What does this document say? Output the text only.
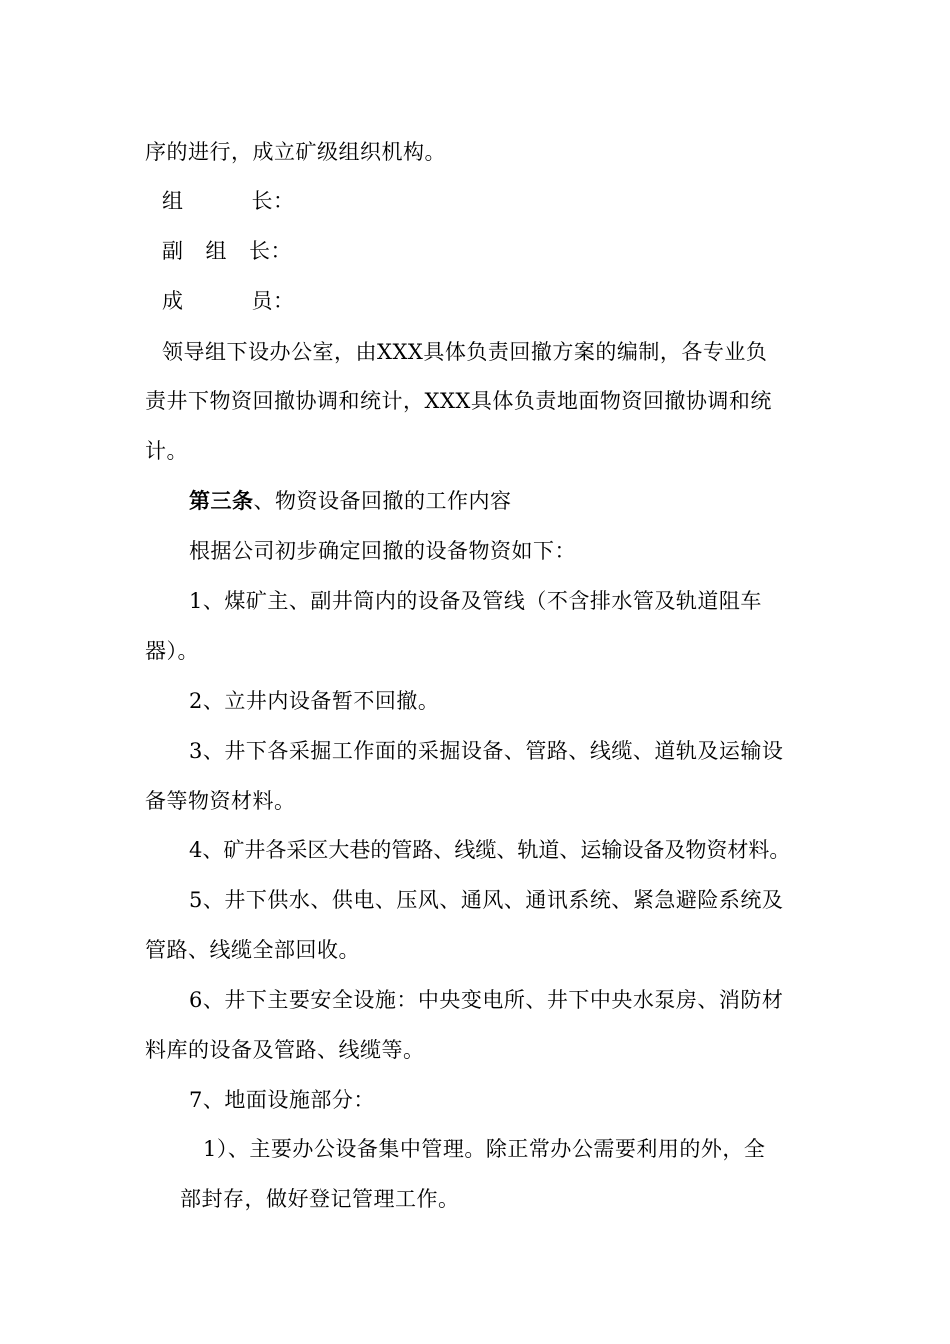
序的进行，成立矿级组织机构。
组	长：
副 组 长：
成	员：
领导组下设办公室，由XXX具体负责回撤方案的编制，各专业负
责井下物资回撤协调和统计，XXX具体负责地面物资回撤协调和统
计。
第三条、物资设备回撤的工作内容
根据公司初步确定回撤的设备物资如下：
1、煤矿主、副井筒内的设备及管线（不含排水管及轨道阻车
器）。
2、立井内设备暂不回撤。
3、井下各采掘工作面的采掘设备、管路、线缆、道轨及运输设
备等物资材料。
4、矿井各采区大巷的管路、线缆、轨道、运输设备及物资材料。
5、井下供水、供电、压风、通风、通讯系统、紧急避险系统及
管路、线缆全部回收。
6、井下主要安全设施：中央变电所、井下中央水泵房、消防材
料库的设备及管路、线缆等。
7、地面设施部分：
1）、主要办公设备集中管理。除正常办公需要利用的外，全
部封存，做好登记管理工作。
